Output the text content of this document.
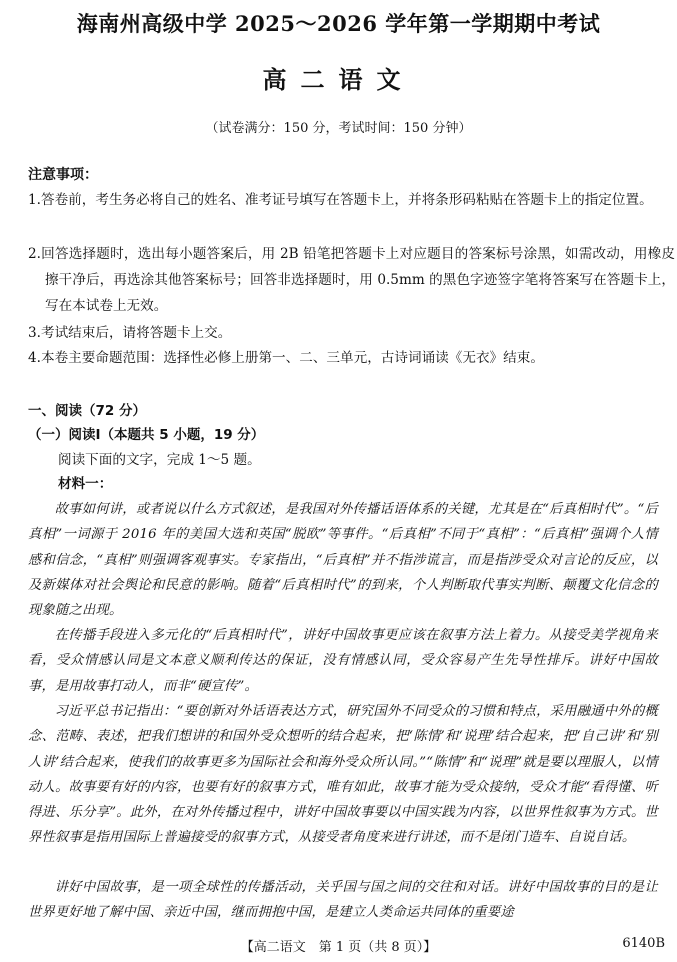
海南州高级中学 2025～2026 学年第一学期期中考试
高二语文
（试卷满分：150 分，考试时间：150 分钟）
注意事项：
1.答卷前，考生务必将自己的姓名、准考证号填写在答题卡上，并将条形码粘贴在答题卡上的指定位置。
2.回答选择题时，选出每小题答案后，用 2B 铅笔把答题卡上对应题目的答案标号涂黑，如需改动，用橡皮擦干净后，再选涂其他答案标号；回答非选择题时，用 0.5mm 的黑色字迹签字笔将答案写在答题卡上，写在本试卷上无效。
3.考试结束后，请将答题卡上交。
4.本卷主要命题范围：选择性必修上册第一、二、三单元，古诗词诵读《无衣》结束。
一、阅读（72 分）
（一）阅读Ⅰ（本题共 5 小题，19 分）
阅读下面的文字，完成 1～5 题。
材料一：
故事如何讲，或者说以什么方式叙述，是我国对外传播话语体系的关键，尤其是在“后真相时代”。“后真相”一词源于 2016 年的美国大选和英国“脱欧”等事件。“后真相”不同于“真相”：“后真相”强调个人情感和信念，“真相”则强调客观事实。专家指出，“后真相”并不指涉谎言，而是指涉受众对言论的反应，以及新媒体对社会舆论和民意的影响。随着“后真相时代”的到来，个人判断取代事实判断、颠覆文化信念的现象随之出现。
在传播手段进入多元化的“后真相时代”，讲好中国故事更应该在叙事方法上着力。从接受美学视角来看，受众情感认同是文本意义顺利传达的保证，没有情感认同，受众容易产生先导性排斥。讲好中国故事，是用故事打动人，而非“硬宣传”。
习近平总书记指出：“要创新对外话语表达方式，研究国外不同受众的习惯和特点，采用融通中外的概念、范畴、表述，把我们想讲的和国外受众想听的结合起来，把‘陈情’和‘说理’结合起来，把‘自己讲’和‘别人讲’结合起来，使我们的故事更多为国际社会和海外受众所认同。”“陈情”和“说理”就是要以理服人，以情动人。故事要有好的内容，也要有好的叙事方式，唯有如此，故事才能为受众接纳，受众才能“看得懂、听得进、乐分享”。此外，在对外传播过程中，讲好中国故事要以中国实践为内容，以世界性叙事为方式。世界性叙事是指用国际上普遍接受的叙事方式，从接受者角度来进行讲述，而不是闭门造车、自说自话。
讲好中国故事，是一项全球性的传播活动，关乎国与国之间的交往和对话。讲好中国故事的目的是让世界更好地了解中国、亲近中国，继而拥抱中国，是建立人类命运共同体的重要途
【高二语文　第 1 页（共 8 页）】	6140B
